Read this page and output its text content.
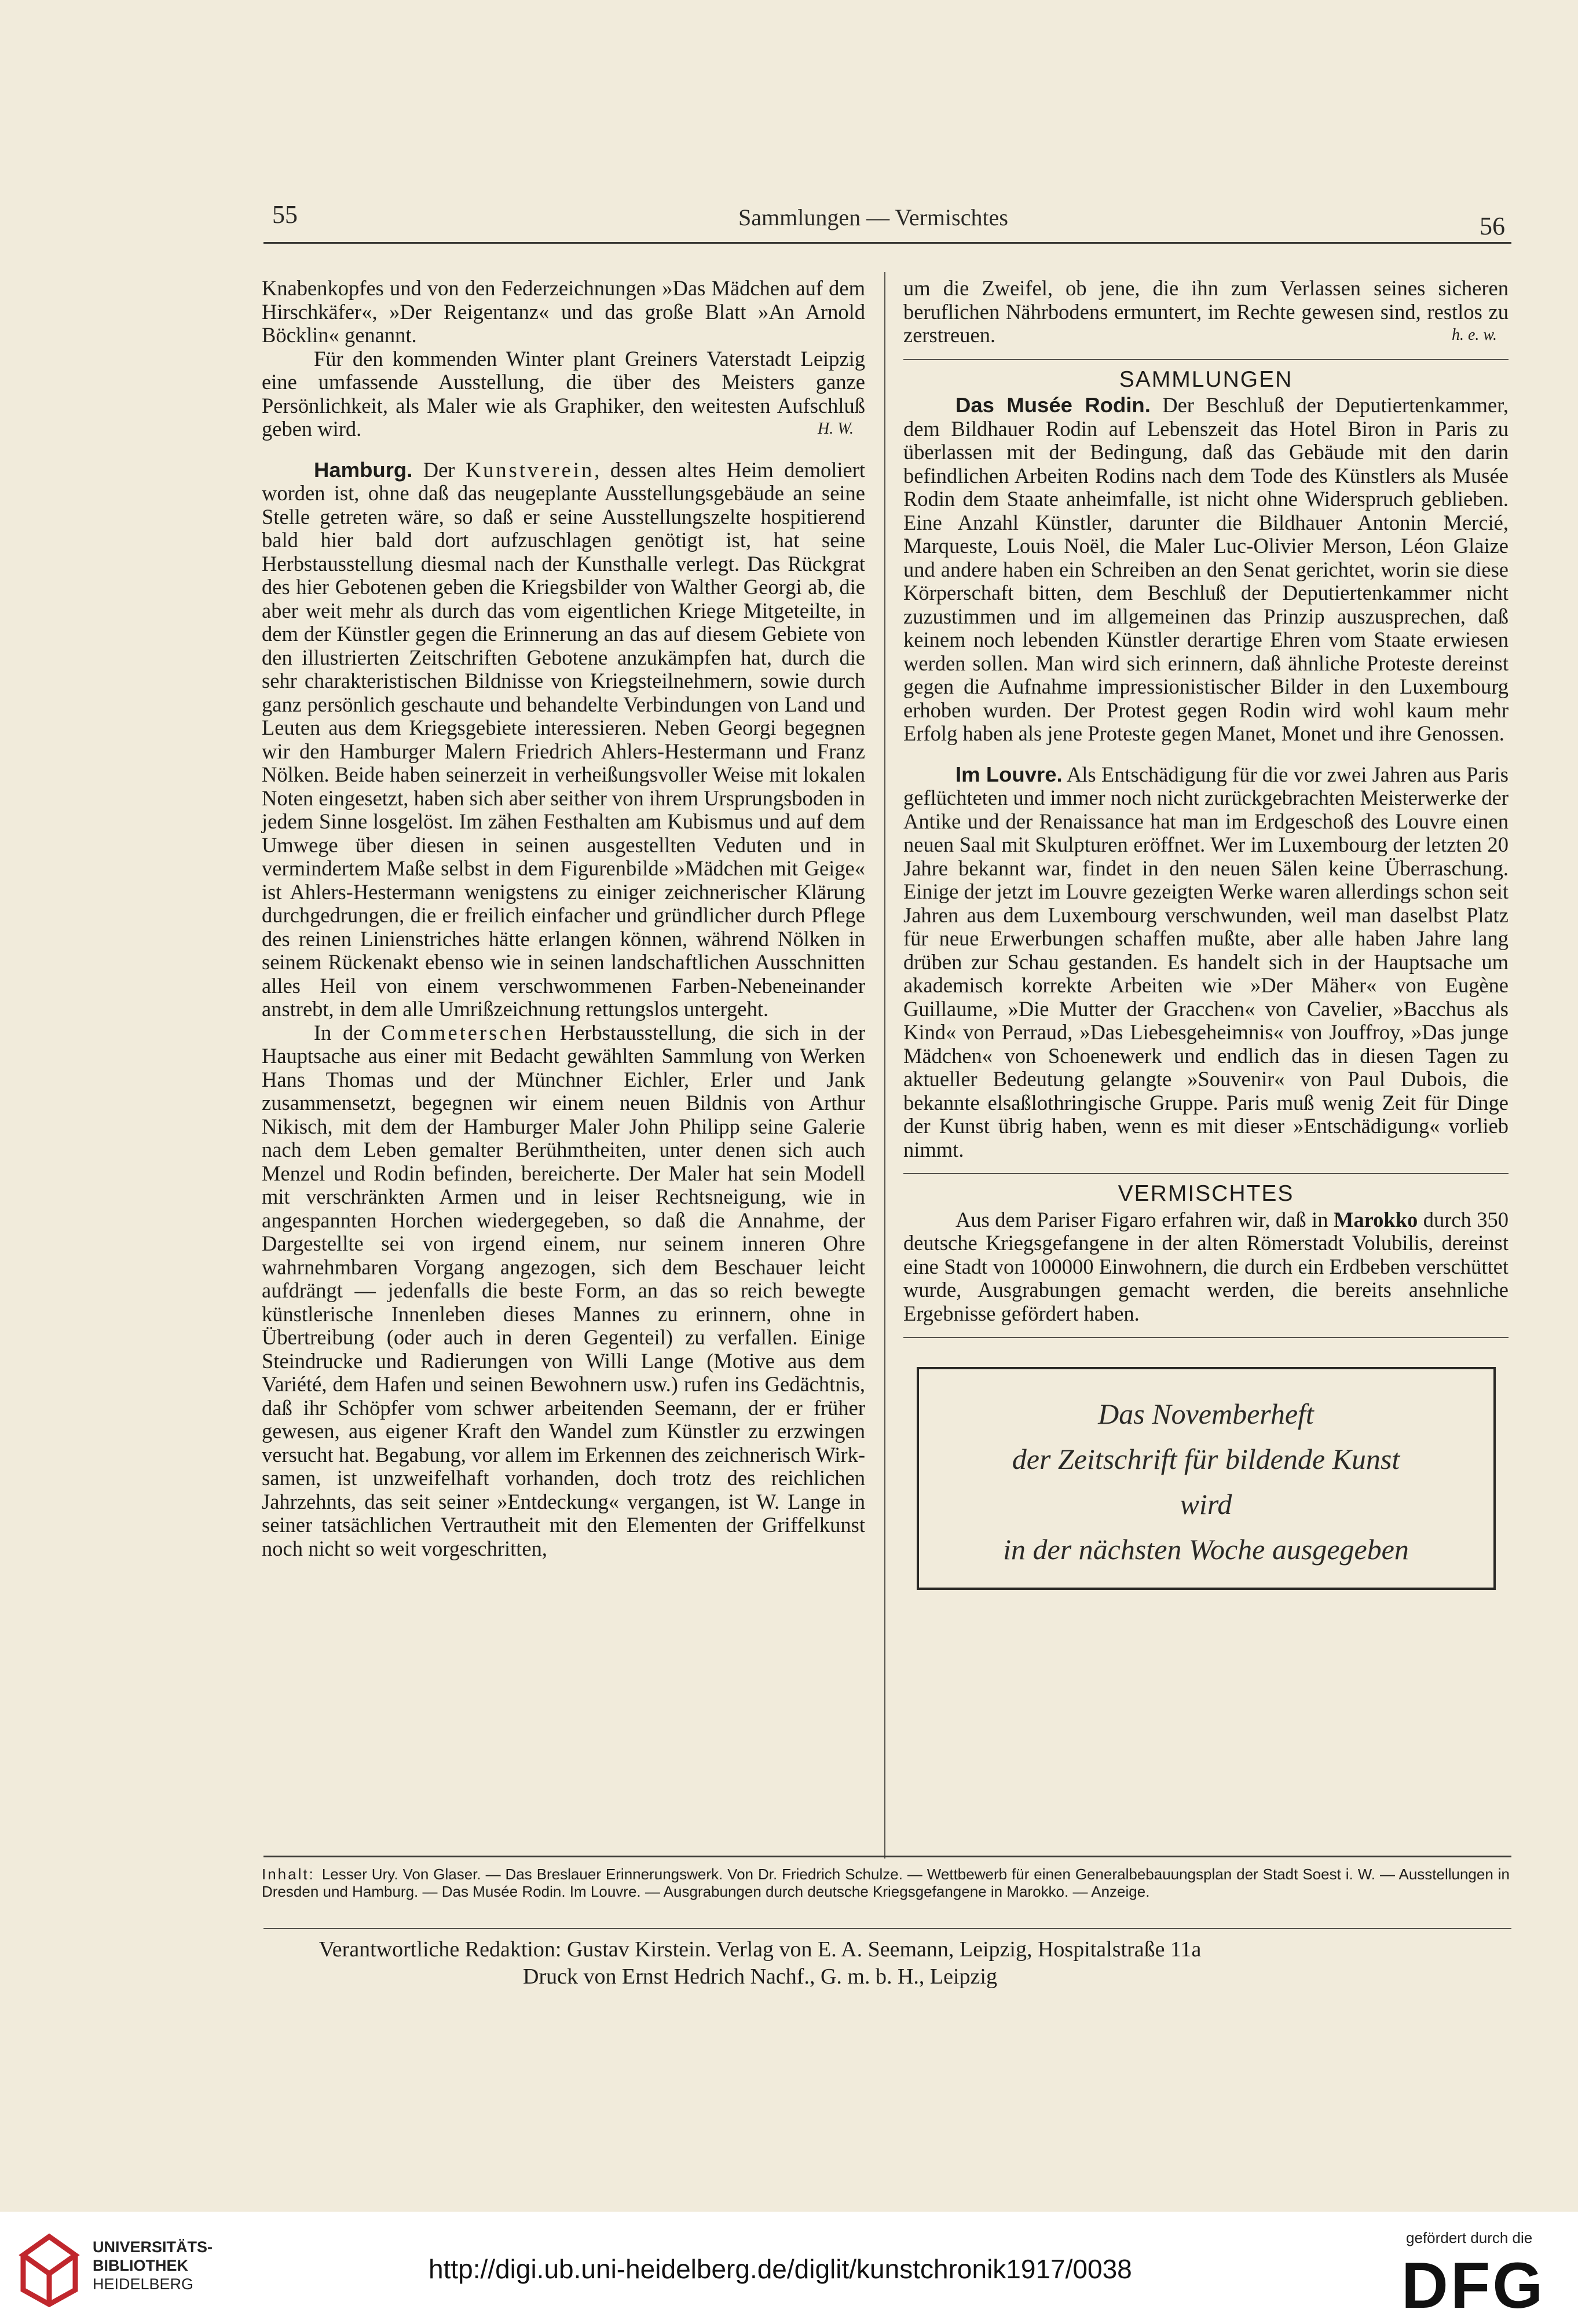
55	Sammlungen — Vermischtes	56

Knabenkopfes und von den Federzeichnungen »Das Mädchen auf dem Hirschkäfer«, »Der Reigentanz« und das große Blatt »An Arnold Böcklin« genannt.

Für den kommenden Winter plant Greiners Vaterstadt Leipzig eine umfassende Ausstellung, die über des Meisters ganze Persönlichkeit, als Maler wie als Graphiker, den weitesten Aufschluß geben wird.	H. W.

Hamburg. Der Kunstverein, dessen altes Heim demoliert worden ist, ohne daß das neugeplante Ausstellungsgebäude an seine Stelle getreten wäre, so daß er seine Ausstellungszelte hospitierend bald hier bald dort aufzuschlagen genötigt ist, hat seine Herbstausstellung diesmal nach der Kunsthalle verlegt. Das Rückgrat des hier Gebotenen geben die Kriegsbilder von Walther Georgi ab, die aber weit mehr als durch das vom eigentlichen Kriege Mitgeteilte, in dem der Künstler gegen die Erinnerung an das auf diesem Gebiete von den illustrierten Zeitschriften Gebotene anzukämpfen hat, durch die sehr charakteristischen Bildnisse von Kriegsteilnehmern, sowie durch ganz persönlich geschaute und behandelte Verbindungen von Land und Leuten aus dem Kriegsgebiete interessieren. Neben Georgi begegnen wir den Hamburger Malern Friedrich Ahlers-Hestermann und Franz Nölken. Beide haben seinerzeit in verheißungsvoller Weise mit lokalen Noten eingesetzt, haben sich aber seither von ihrem Ursprungsboden in jedem Sinne losgelöst. Im zähen Festhalten am Kubismus und auf dem Umwege über diesen in seinen ausgestellten Veduten und in vermindertem Maße selbst in dem Figurenbilde »Mädchen mit Geige« ist Ahlers-Hestermann wenigstens zu einiger zeichnerischer Klärung durchgedrungen, die er freilich einfacher und gründlicher durch Pflege des reinen Linienstriches hätte erlangen können, während Nölken in seinem Rückenakt ebenso wie in seinen landschaftlichen Ausschnitten alles Heil von einem verschwommenen Farben-Nebeneinander anstrebt, in dem alle Umrißzeichnung rettungslos untergeht.

In der Commeterschen Herbstausstellung, die sich in der Hauptsache aus einer mit Bedacht gewählten Sammlung von Werken Hans Thomas und der Münchner Eichler, Erler und Jank zusammensetzt, begegnen wir einem neuen Bildnis von Arthur Nikisch, mit dem der Hamburger Maler John Philipp seine Galerie nach dem Leben gemalter Berühmtheiten, unter denen sich auch Menzel und Rodin befinden, bereicherte. Der Maler hat sein Modell mit verschränkten Armen und in leiser Rechtsneigung, wie in angespannten Horchen wiedergegeben, so daß die Annahme, der Dargestellte sei von irgend einem, nur seinem inneren Ohre wahrnehmbaren Vorgang angezogen, sich dem Beschauer leicht aufdrängt — jedenfalls die beste Form, an das so reich bewegte künstlerische Innenleben dieses Mannes zu erinnern, ohne in Übertreibung (oder auch in deren Gegenteil) zu verfallen. Einige Steindrucke und Radierungen von Willi Lange (Motive aus dem Variété, dem Hafen und seinen Bewohnern usw.) rufen ins Gedächtnis, daß ihr Schöpfer vom schwer arbeitenden Seemann, der er früher gewesen, aus eigener Kraft den Wandel zum Künstler zu erzwingen versucht hat. Begabung, vor allem im Erkennen des zeichnerisch Wirksamen, ist unzweifelhaft vorhanden, doch trotz des reichlichen Jahrzehnts, das seit seiner »Entdeckung« vergangen, ist W. Lange in seiner tatsächlichen Vertrautheit mit den Elementen der Griffelkunst noch nicht so weit vorgeschritten,

um die Zweifel, ob jene, die ihn zum Verlassen seines sicheren beruflichen Nährbodens ermuntert, im Rechte gewesen sind, restlos zu zerstreuen.	h. e. w.

SAMMLUNGEN

Das Musée Rodin. Der Beschluß der Deputiertenkammer, dem Bildhauer Rodin auf Lebenszeit das Hotel Biron in Paris zu überlassen mit der Bedingung, daß das Gebäude mit den darin befindlichen Arbeiten Rodins nach dem Tode des Künstlers als Musée Rodin dem Staate anheimfalle, ist nicht ohne Widerspruch geblieben. Eine Anzahl Künstler, darunter die Bildhauer Antonin Mercié, Marqueste, Louis Noël, die Maler Luc-Olivier Merson, Léon Glaize und andere haben ein Schreiben an den Senat gerichtet, worin sie diese Körperschaft bitten, dem Beschluß der Deputiertenkammer nicht zuzustimmen und im allgemeinen das Prinzip auszusprechen, daß keinem noch lebenden Künstler derartige Ehren vom Staate erwiesen werden sollen. Man wird sich erinnern, daß ähnliche Proteste dereinst gegen die Aufnahme impressionistischer Bilder in den Luxembourg erhoben wurden. Der Protest gegen Rodin wird wohl kaum mehr Erfolg haben als jene Proteste gegen Manet, Monet und ihre Genossen.

Im Louvre. Als Entschädigung für die vor zwei Jahren aus Paris geflüchteten und immer noch nicht zurückgebrachten Meisterwerke der Antike und der Renaissance hat man im Erdgeschoß des Louvre einen neuen Saal mit Skulpturen eröffnet. Wer im Luxembourg der letzten 20 Jahre bekannt war, findet in den neuen Sälen keine Überraschung. Einige der jetzt im Louvre gezeigten Werke waren allerdings schon seit Jahren aus dem Luxembourg verschwunden, weil man daselbst Platz für neue Erwerbungen schaffen mußte, aber alle haben Jahre lang drüben zur Schau gestanden. Es handelt sich in der Hauptsache um akademisch korrekte Arbeiten wie »Der Mäher« von Eugène Guillaume, »Die Mutter der Gracchen« von Cavelier, »Bacchus als Kind« von Perraud, »Das Liebesgeheimnis« von Jouffroy, »Das junge Mädchen« von Schoenewerk und endlich das in diesen Tagen zu aktueller Bedeutung gelangte »Souvenir« von Paul Dubois, die bekannte elsaßlothringische Gruppe. Paris muß wenig Zeit für Dinge der Kunst übrig haben, wenn es mit dieser »Entschädigung« vorlieb nimmt.

VERMISCHTES

Aus dem Pariser Figaro erfahren wir, daß in Marokko durch 350 deutsche Kriegsgefangene in der alten Römerstadt Volubilis, dereinst eine Stadt von 100000 Einwohnern, die durch ein Erdbeben verschüttet wurde, Ausgrabungen gemacht werden, die bereits ansehnliche Ergebnisse gefördert haben.

Das Novemberheft
der Zeitschrift für bildende Kunst
wird
in der nächsten Woche ausgegeben
Inhalt: Lesser Ury. Von Glaser. — Das Breslauer Erinnerungswerk. Von Dr. Friedrich Schulze. — Wettbewerb für einen Generalbebauungsplan der Stadt Soest i. W. — Ausstellungen in Dresden und Hamburg. — Das Musée Rodin. Im Louvre. — Ausgrabungen durch deutsche Kriegsgefangene in Marokko. — Anzeige.
Verantwortliche Redaktion: Gustav Kirstein. Verlag von E. A. Seemann, Leipzig, Hospitalstraße 11a
Druck von Ernst Hedrich Nachf., G. m. b. H., Leipzig
UNIVERSITÄTS-
BIBLIOTHEK
HEIDELBERG	http://digi.ub.uni-heidelberg.de/diglit/kunstchronik1917/0038
gefördert durch die
DFG
